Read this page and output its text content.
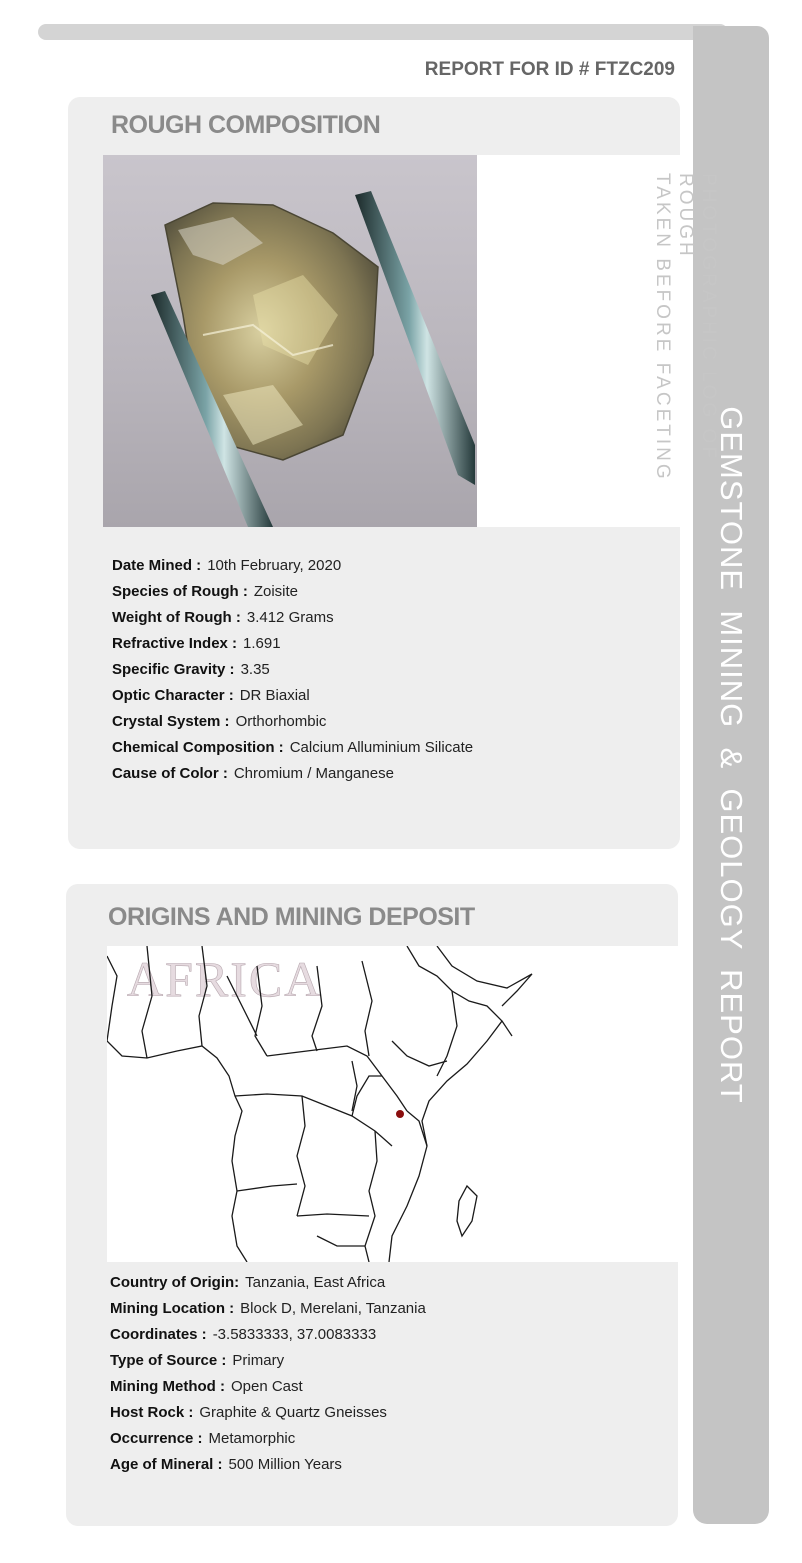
GEMSTONE  MINING  &  GEOLOGY  REPORT
REPORT FOR ID # FTZC209
ROUGH COMPOSITION
PHOTOGRAPHIC LOG OF ROUGH
TAKEN BEFORE FACETING
Date Mined : 10th February, 2020
Species of Rough : Zoisite
Weight of Rough : 3.412 Grams
Refractive Index : 1.691
Specific Gravity : 3.35
Optic Character : DR Biaxial
Crystal System : Orthorhombic
Chemical Composition : Calcium Alluminium Silicate
Cause of Color : Chromium / Manganese
ORIGINS AND MINING DEPOSIT
AFRICA
Country of Origin: Tanzania, East Africa
Mining Location : Block D, Merelani, Tanzania
Coordinates : -3.5833333, 37.0083333
Type of Source : Primary
Mining Method : Open Cast
Host Rock : Graphite & Quartz Gneisses
Occurrence : Metamorphic
Age of Mineral : 500 Million Years
